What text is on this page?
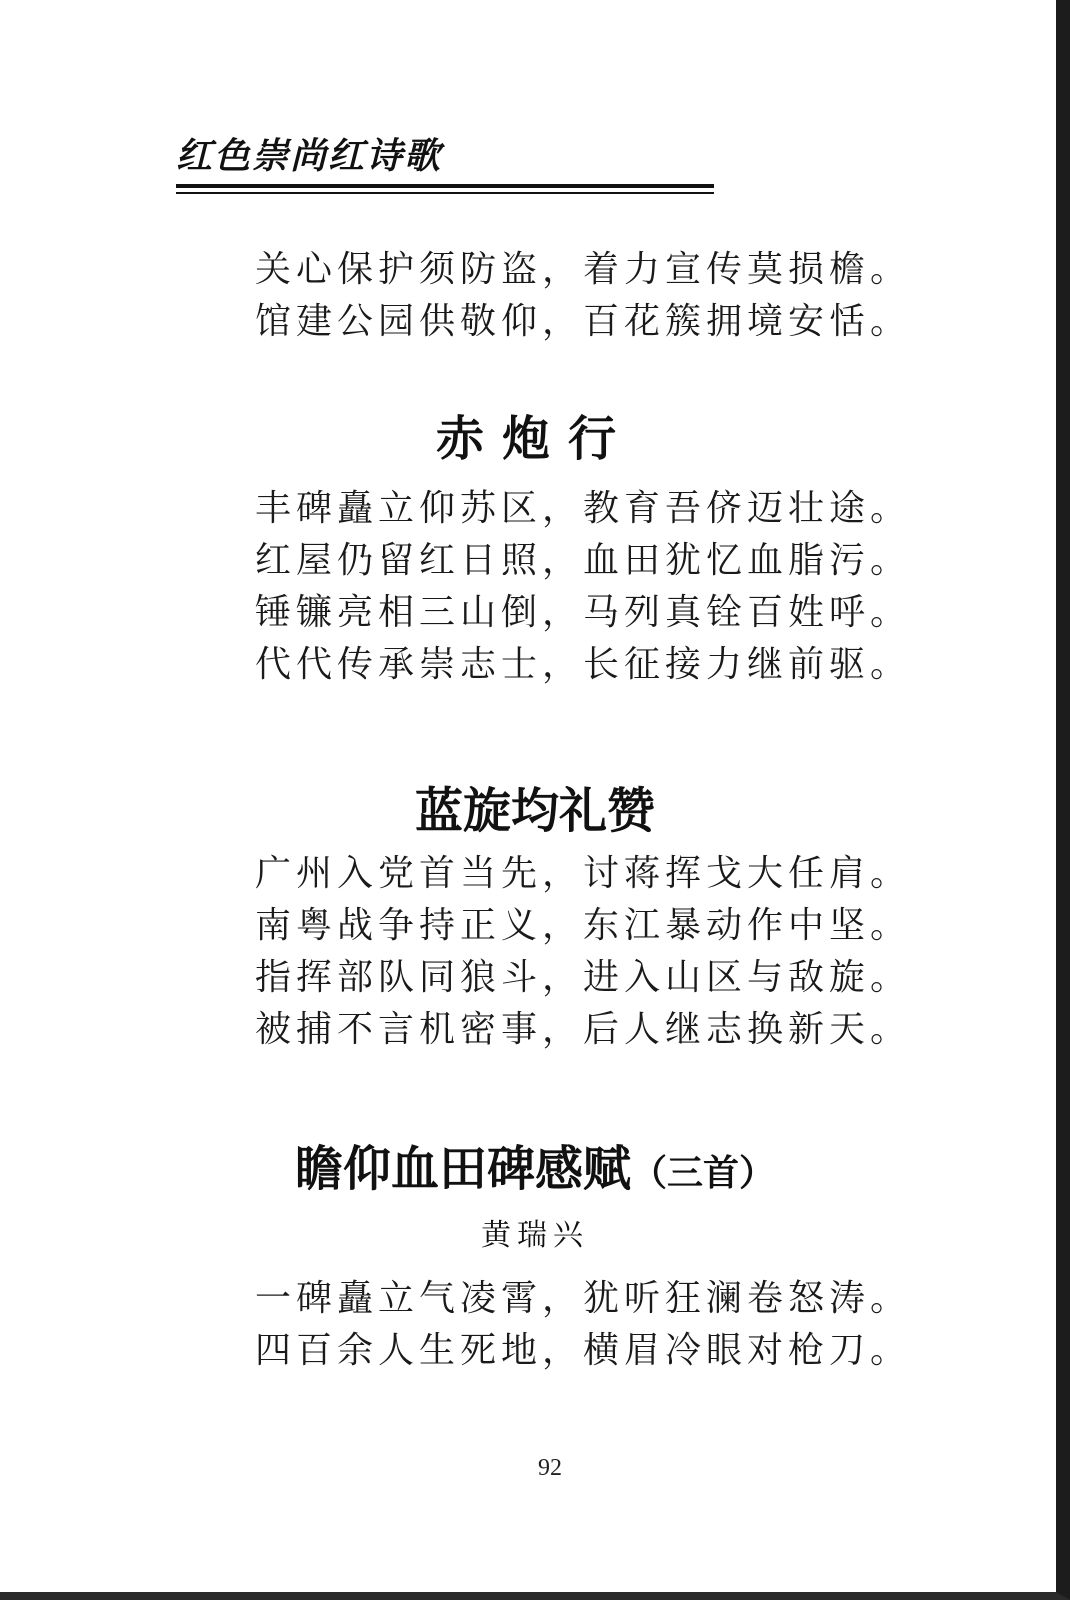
红色崇尚红诗歌
关心保护须防盗，着力宣传莫损檐。
馆建公园供敬仰，百花簇拥境安恬。
赤炮行
丰碑矗立仰苏区，教育吾侪迈壮途。
红屋仍留红日照，血田犹忆血脂污。
锤镰亮相三山倒，马列真铨百姓呼。
代代传承崇志士，长征接力继前驱。
蓝旋均礼赞
广州入党首当先，讨蒋挥戈大任肩。
南粤战争持正义，东江暴动作中坚。
指挥部队同狼斗，进入山区与敌旋。
被捕不言机密事，后人继志换新天。
瞻仰血田碑感赋（三首）
黄瑞兴
一碑矗立气凌霄，犹听狂澜卷怒涛。
四百余人生死地，横眉冷眼对枪刀。
92
